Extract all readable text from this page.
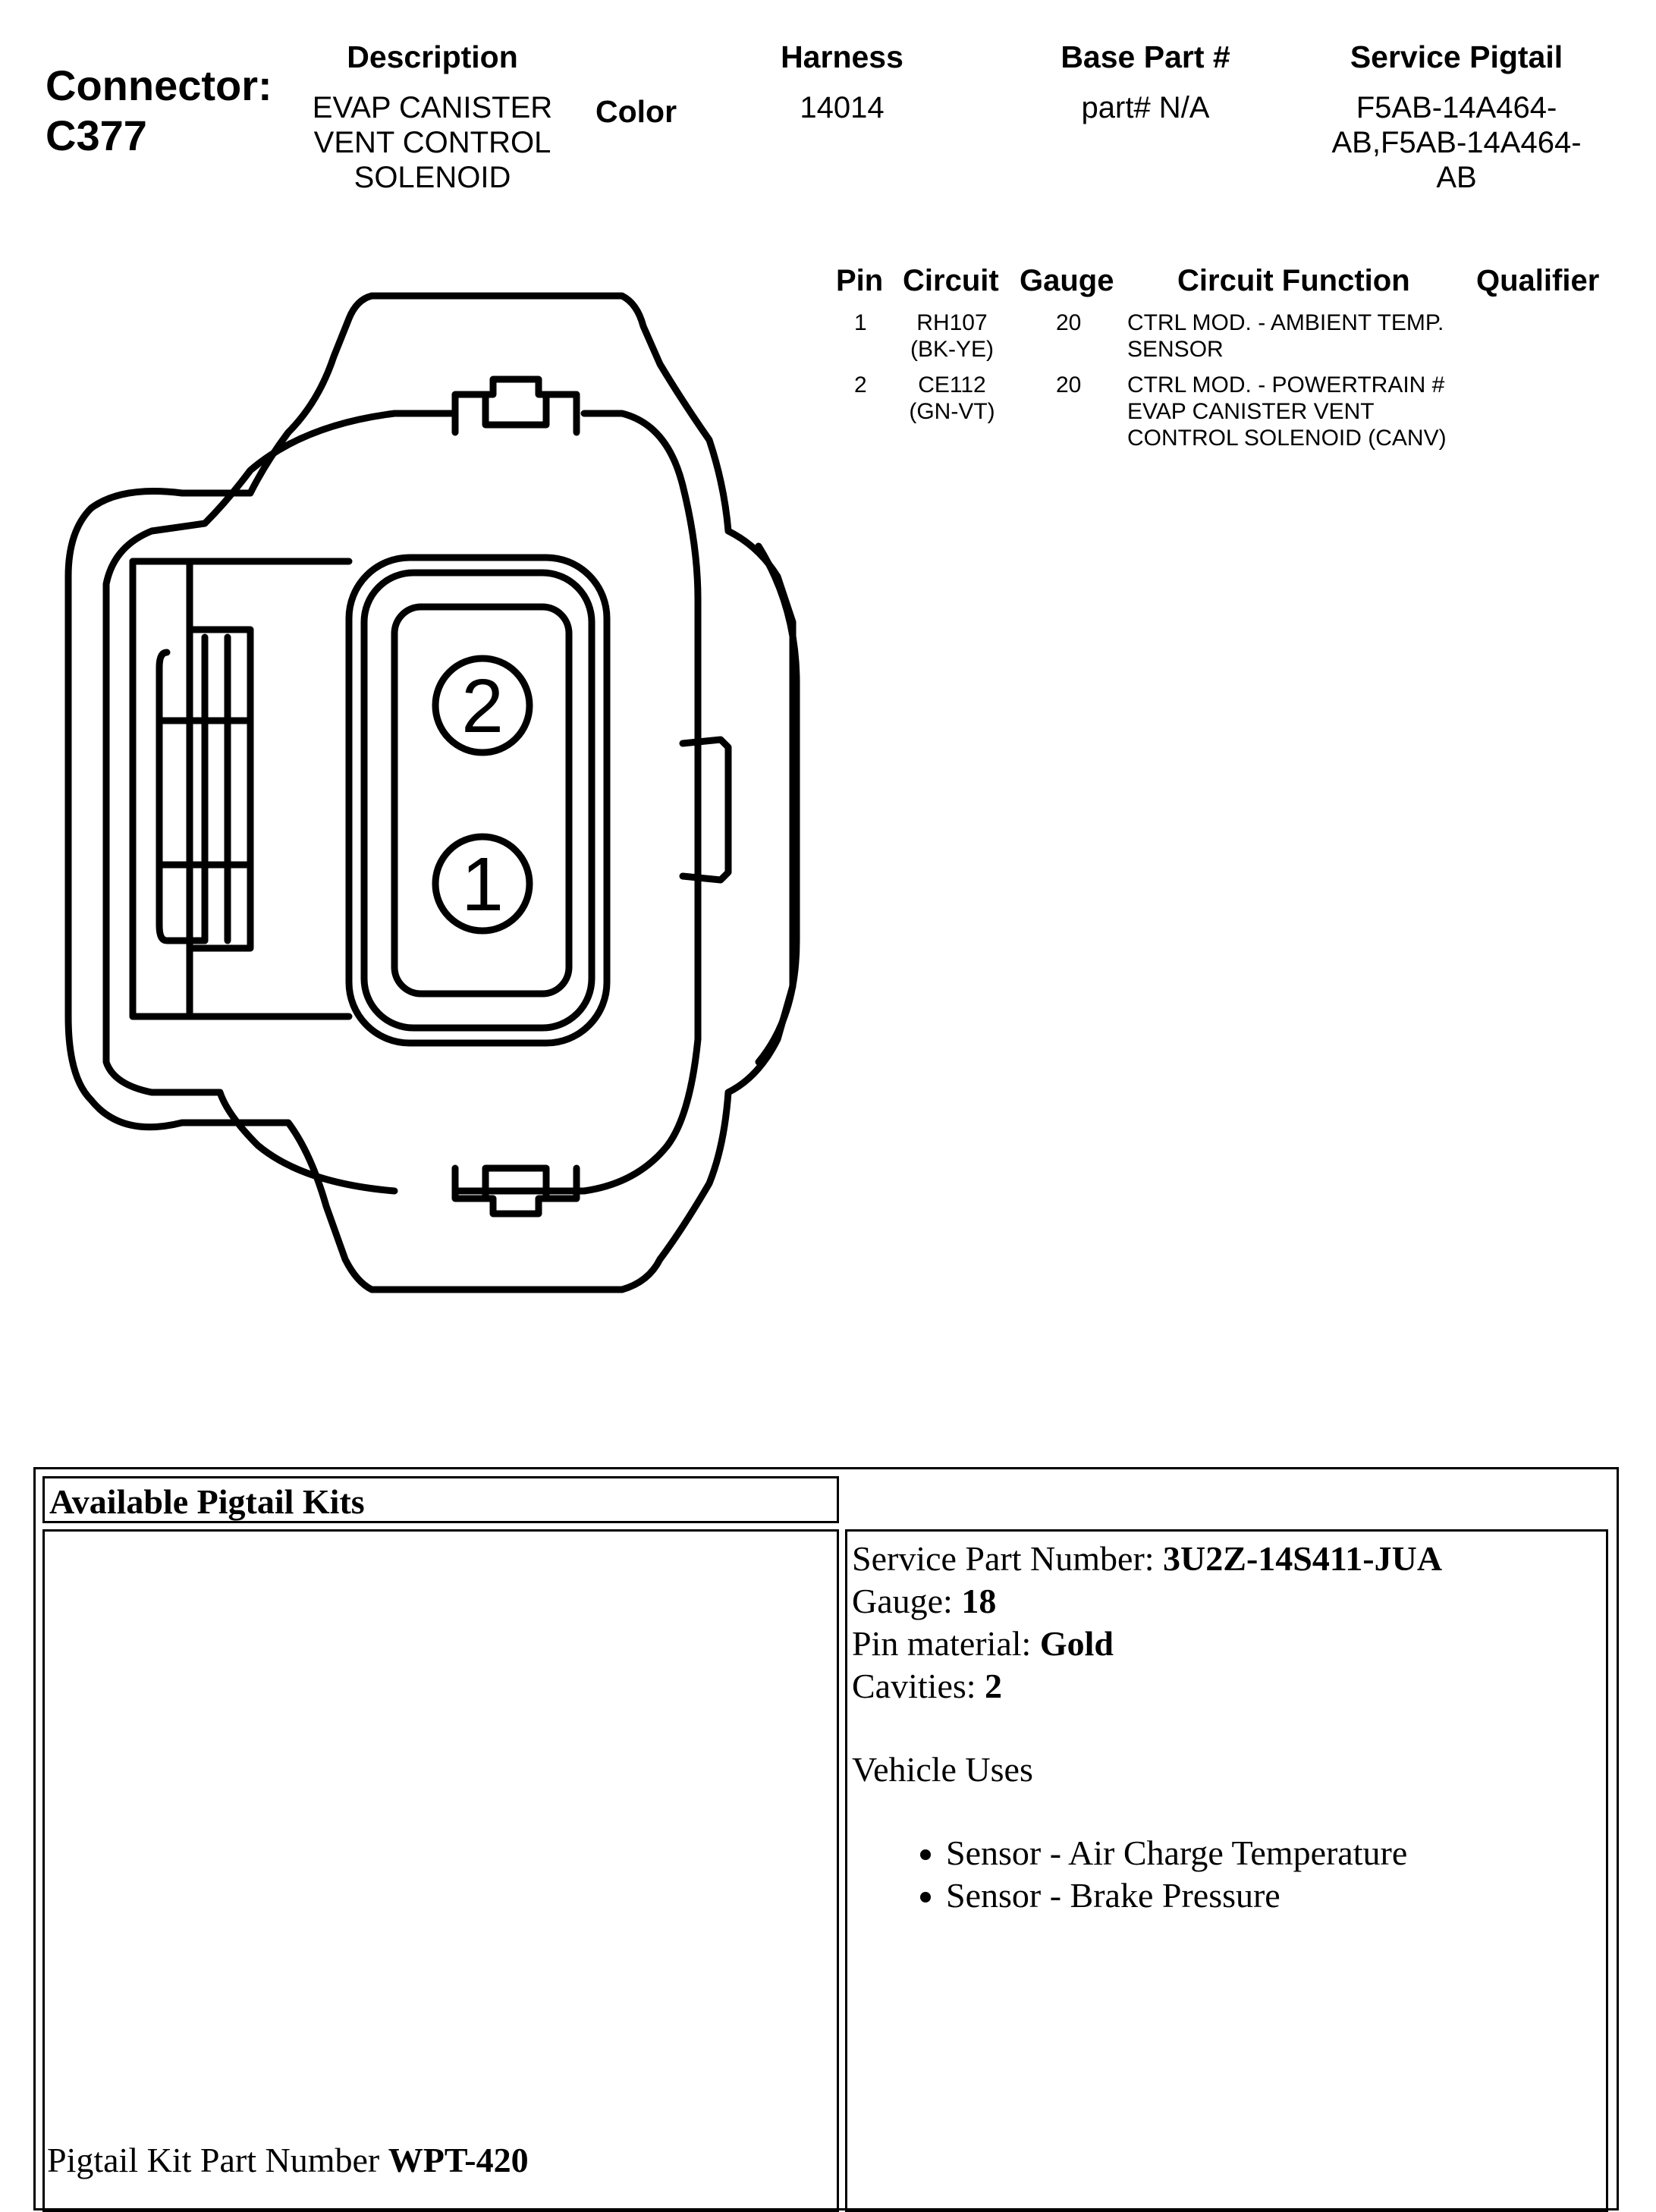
Connector:
C377
Description
EVAP CANISTER
VENT CONTROL
SOLENOID
Color
Harness
14014
Base Part #
part# N/A
Service Pigtail
F5AB-14A464-
AB,F5AB-14A464-
AB
Pin Circuit Gauge Circuit Function Qualifier
1	RH107
(BK-YE)
20 CTRL MOD. - AMBIENT TEMP.
SENSOR
2	CE112
(GN-VT)
20 CTRL MOD. - POWERTRAIN #
EVAP CANISTER VENT
CONTROL SOLENOID (CANV)
2
1
Available Pigtail Kits
Pigtail Kit Part Number WPT-420
Service Part Number: 3U2Z-14S411-JUA
Gauge: 18
Pin material: Gold
Cavities: 2
Vehicle Uses
• Sensor - Air Charge Temperature
• Sensor - Brake Pressure
